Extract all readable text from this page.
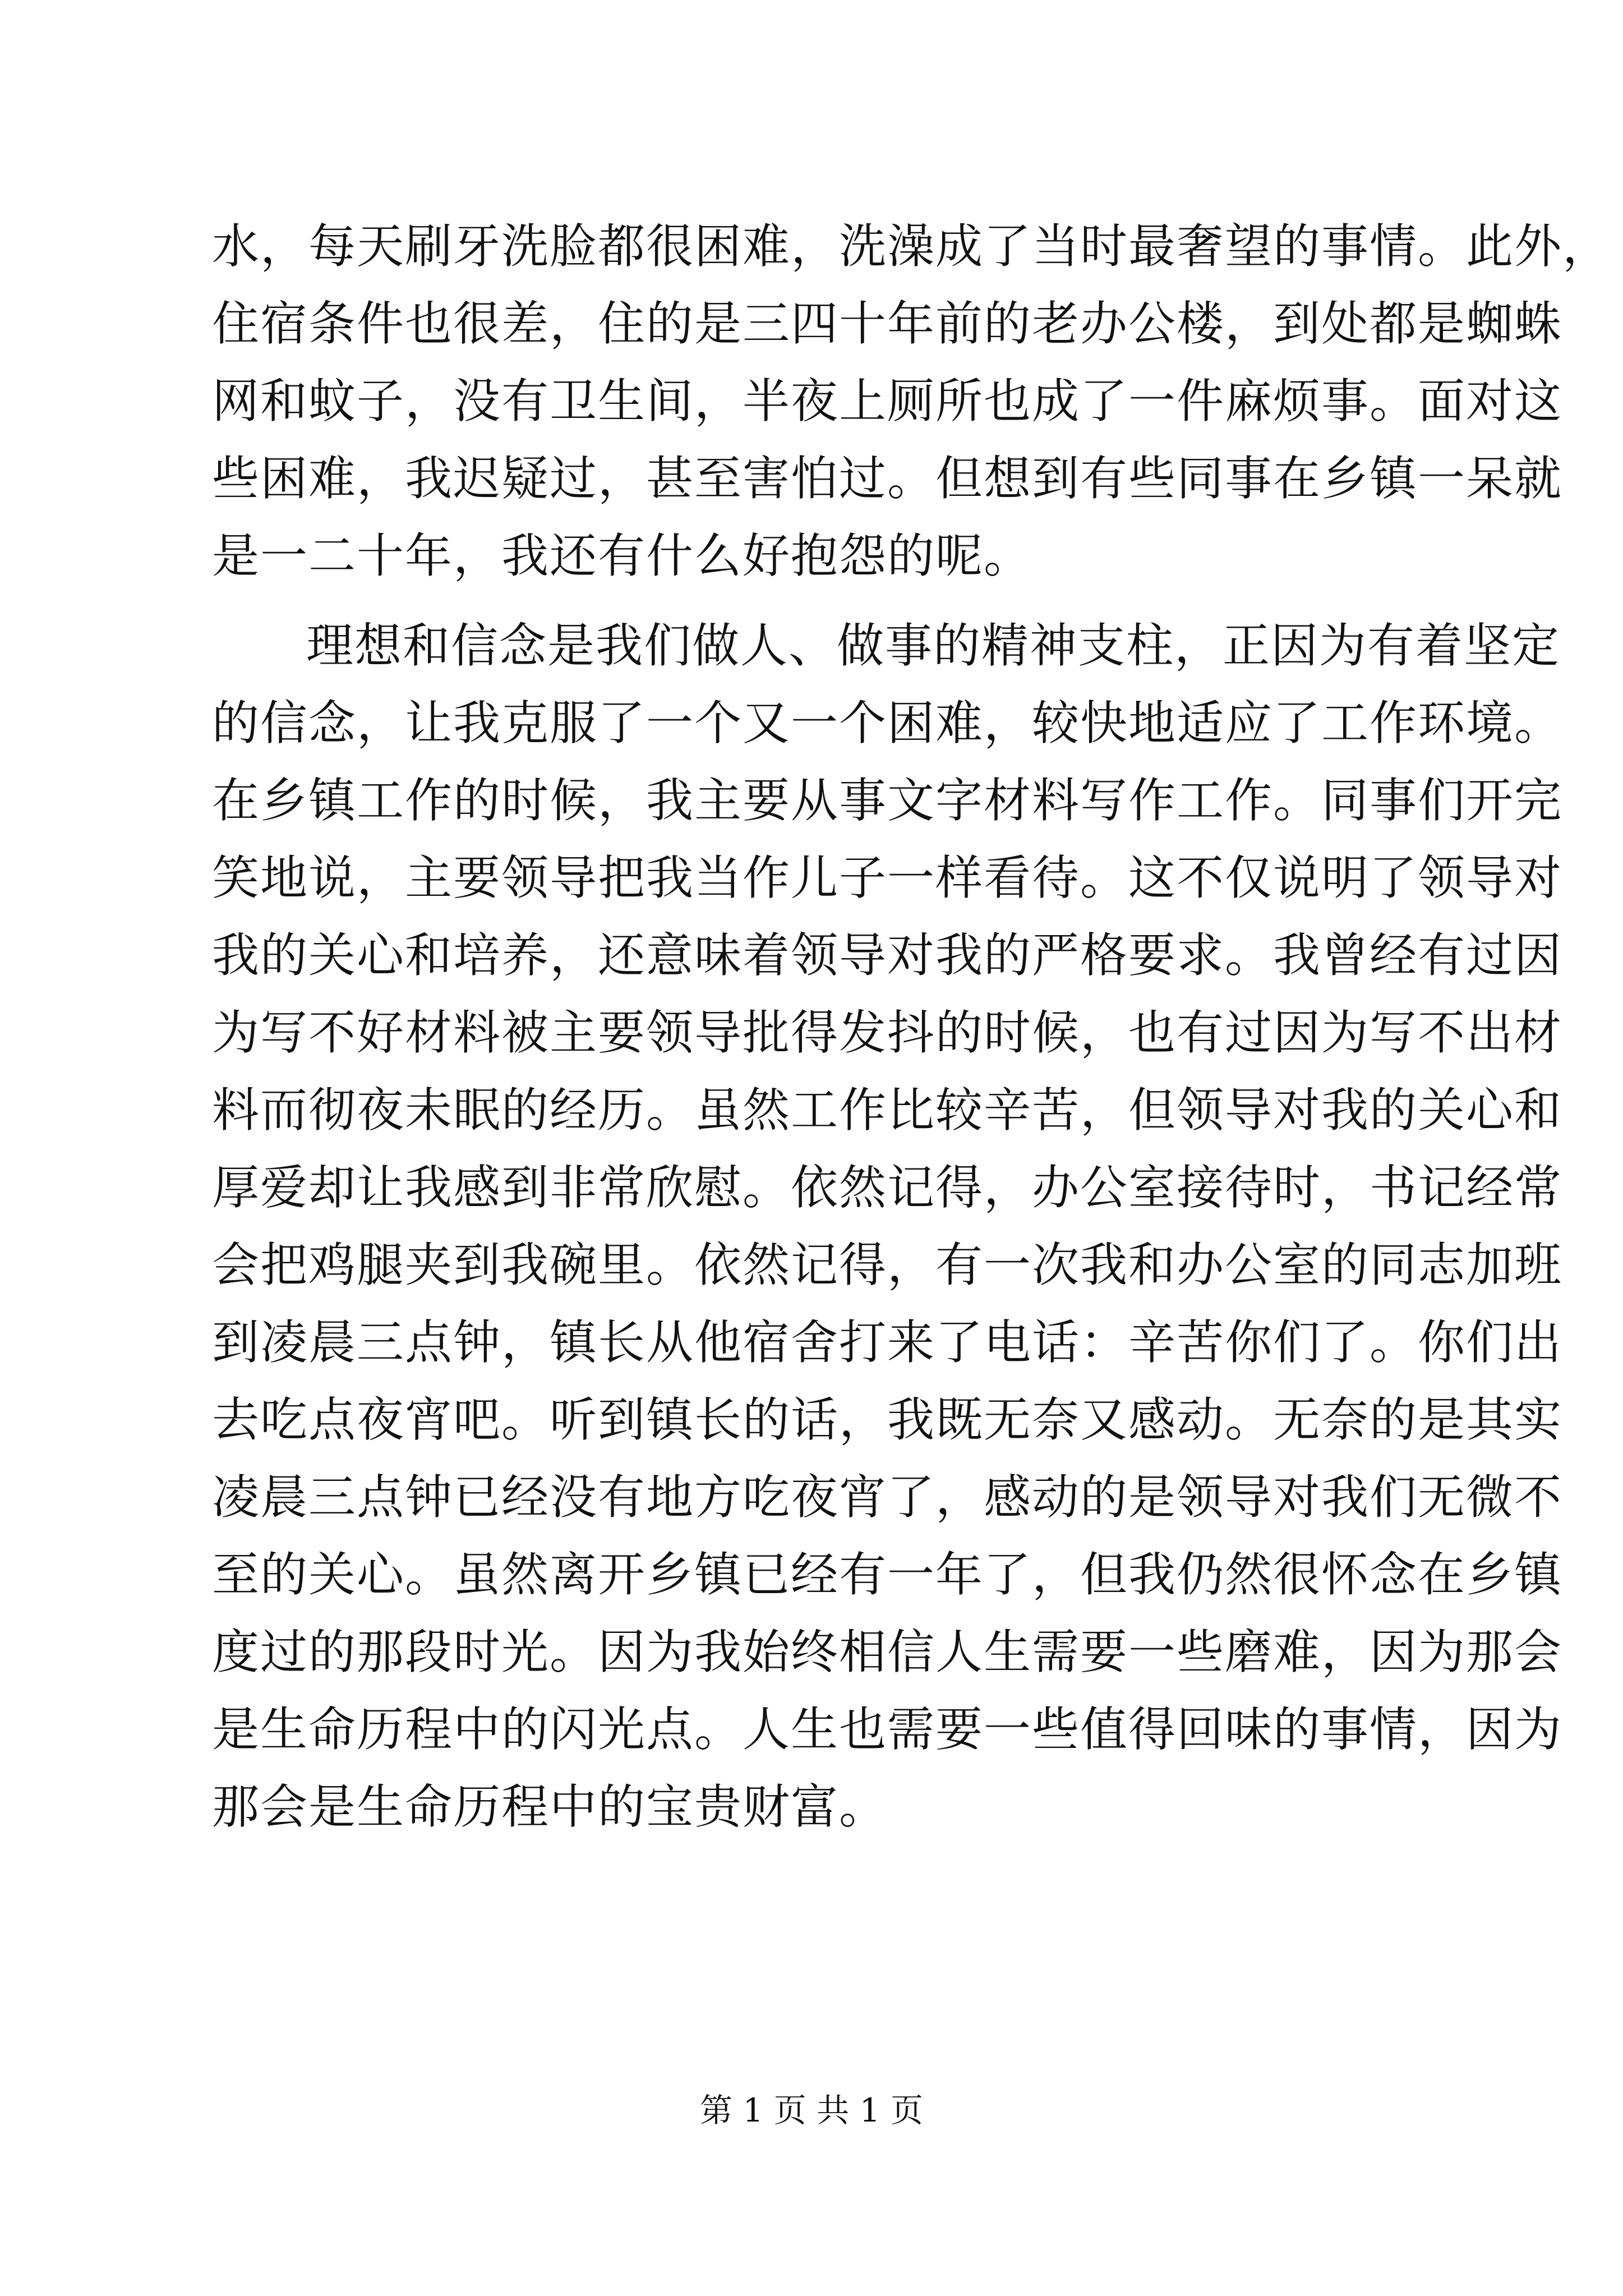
水，每天刷牙洗脸都很困难，洗澡成了当时最奢望的事情。此外，
住宿条件也很差，住的是三四十年前的老办公楼，到处都是蜘蛛
网和蚊子，没有卫生间，半夜上厕所也成了一件麻烦事。面对这
些困难，我迟疑过，甚至害怕过。但想到有些同事在乡镇一呆就
是一二十年，我还有什么好抱怨的呢。
理想和信念是我们做人、做事的精神支柱，正因为有着坚定
的信念，让我克服了一个又一个困难，较快地适应了工作环境。
在乡镇工作的时候，我主要从事文字材料写作工作。同事们开完
笑地说，主要领导把我当作儿子一样看待。这不仅说明了领导对
我的关心和培养，还意味着领导对我的严格要求。我曾经有过因
为写不好材料被主要领导批得发抖的时候，也有过因为写不出材
料而彻夜未眠的经历。虽然工作比较辛苦，但领导对我的关心和
厚爱却让我感到非常欣慰。依然记得，办公室接待时，书记经常
会把鸡腿夹到我碗里。依然记得，有一次我和办公室的同志加班
到凌晨三点钟，镇长从他宿舍打来了电话：辛苦你们了。你们出
去吃点夜宵吧。听到镇长的话，我既无奈又感动。无奈的是其实
凌晨三点钟已经没有地方吃夜宵了，感动的是领导对我们无微不
至的关心。虽然离开乡镇已经有一年了，但我仍然很怀念在乡镇
度过的那段时光。因为我始终相信人生需要一些磨难，因为那会
是生命历程中的闪光点。人生也需要一些值得回味的事情，因为
那会是生命历程中的宝贵财富。
第 1 页 共 1 页
